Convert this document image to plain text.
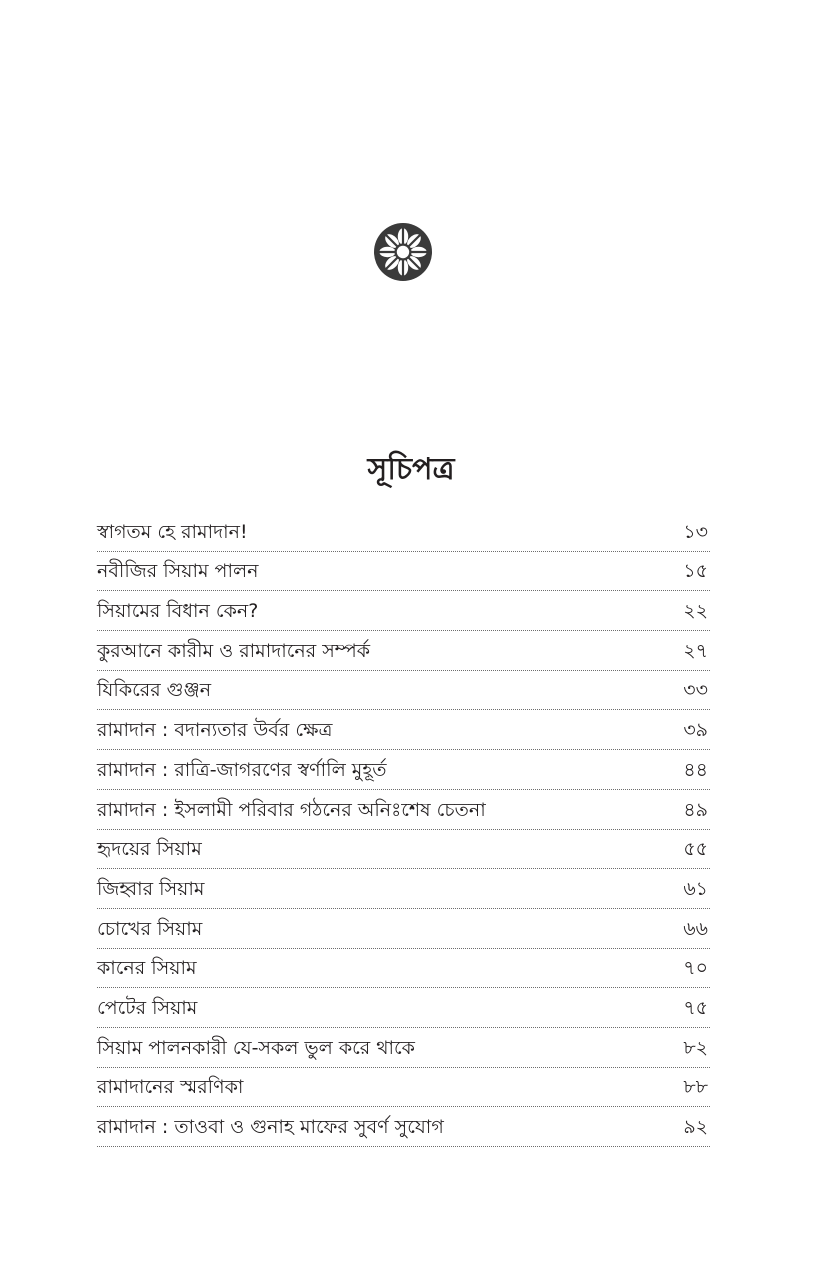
সূচিপত্র
স্বাগতম হে রামাদান!	১৩
নবীজির সিয়াম পালন	১৫
সিয়ামের বিধান কেন?	২২
কুরআনে কারীম ও রামাদানের সম্পর্ক	২৭
যিকিরের গুঞ্জন	৩৩
রামাদান : বদান্যতার উর্বর ক্ষেত্র	৩৯
রামাদান : রাত্রি-জাগরণের স্বর্ণালি মুহূর্ত	৪৪
রামাদান : ইসলামী পরিবার গঠনের অনিঃশেষ চেতনা	৪৯
হৃদয়ের সিয়াম	৫৫
জিহ্বার সিয়াম	৬১
চোখের সিয়াম	৬৬
কানের সিয়াম	৭০
পেটের সিয়াম	৭৫
সিয়াম পালনকারী যে-সকল ভুল করে থাকে	৮২
রামাদানের স্মরণিকা	৮৮
রামাদান : তাওবা ও গুনাহ মাফের সুবর্ণ সুযোগ	৯২
